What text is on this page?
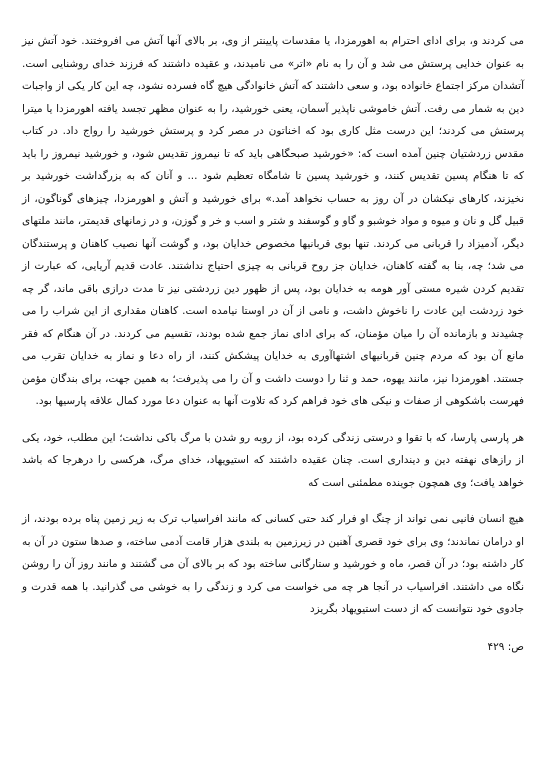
می کردند و، برای ادای احترام به اهورمزدا، یا مقدسات پایینتر از وی، بر بالای آنها آتش می افروختند. خود آتش نیز به عنوان خدایی پرستش می شد و آن را به نام «اتر» می نامیدند، و عقیده داشتند که فرزند خدای روشنایی است. آتشدان مرکز اجتماع خانواده بود، و سعی داشتند که آتش خانوادگی هیچ گاه فسرده نشود، چه این کار یکی از واجبات دین به شمار می رفت. آتش خاموشی ناپذیر آسمان، یعنی خورشید، را به عنوان مظهر تجسد یافته اهورمزدا یا میترا پرستش می کردند؛ این درست مثل کاری بود که اخناتون در مصر کرد و پرستش خورشید را رواج داد. در کتاب مقدس زردشتیان چنین آمده است که: «خورشید صبحگاهی باید که تا نیمروز تقدیس شود، و خورشید نیمروز را باید که تا هنگام پسین تقدیس کنند، و خورشید پسین تا شامگاه تعظیم شود ... و آنان که به بزرگداشت خورشید بر نخیزند، کارهای نیکشان در آن روز به حساب نخواهد آمد.» برای خورشید و آتش و اهورمزدا، چیزهای گوناگون، از قبیل گل و نان و میوه و مواد خوشبو و گاو و گوسفند و شتر و اسب و خر و گوزن، و در زمانهای قدیمتر، مانند ملتهای دیگر، آدمیزاد را قربانی می کردند. تنها بوی قربانیها مخصوص خدایان بود، و گوشت آنها نصیب کاهنان و پرستندگان می شد؛ چه، بنا به گفته کاهنان، خدایان جز روح قربانی به چیزی احتیاج نداشتند. عادت قدیم آریایی، که عبارت از تقدیم کردن شیره مستی آور هومه به خدایان بود، پس از ظهور دین زردشتی نیز تا مدت درازی باقی ماند، گر چه خود زردشت این عادت را ناخوش داشت، و نامی از آن در اوستا نیامده است. کاهنان مقداری از این شراب را می چشیدند و بازمانده آن را میان مؤمنان، که برای ادای نماز جمع شده بودند، تقسیم می کردند. در آن هنگام که فقر مانع آن بود که مردم چنین قربانیهای اشتهاآوری به خدایان پیشکش کنند، از راه دعا و نماز به خدایان تقرب می جستند. اهورمزدا نیز، مانند یهوه، حمد و ثنا را دوست داشت و آن را می پذیرفت؛ به همین جهت، برای بندگان مؤمن فهرست باشکوهی از صفات و نیکی های خود فراهم کرد که تلاوت آنها به عنوان دعا مورد کمال علاقه پارسیها بود.

هر پارسی پارسا، که با تقوا و درستی زندگی کرده بود، از روبه رو شدن با مرگ باکی نداشت؛ این مطلب، خود، یکی از رازهای نهفته دین و دینداری است. چنان عقیده داشتند که استیویهاد، خدای مرگ، هرکسی را درهرجا که باشد خواهد یافت؛ وی همچون جوینده مطمئنی است که

هیچ انسان فانیی نمی تواند از چنگ او فرار کند حتی کسانی که مانند افراسیاب ترک به زیر زمین پناه برده بودند، از او درامان نماندند؛ وی برای خود قصری آهنین در زیرزمین به بلندی هزار قامت آدمی ساخته، و صدها ستون در آن به کار داشته بود؛ در آن قصر، ماه و خورشید و ستارگانی ساخته بود که بر بالای آن می گشتند و مانند روز آن را روشن نگاه می داشتند. افراسیاب در آنجا هر چه می خواست می کرد و زندگی را به خوشی می گذرانید. با همه قدرت و جادوی خود نتوانست که از دست استیویهاد بگریزد

ص: ۴۲۹
